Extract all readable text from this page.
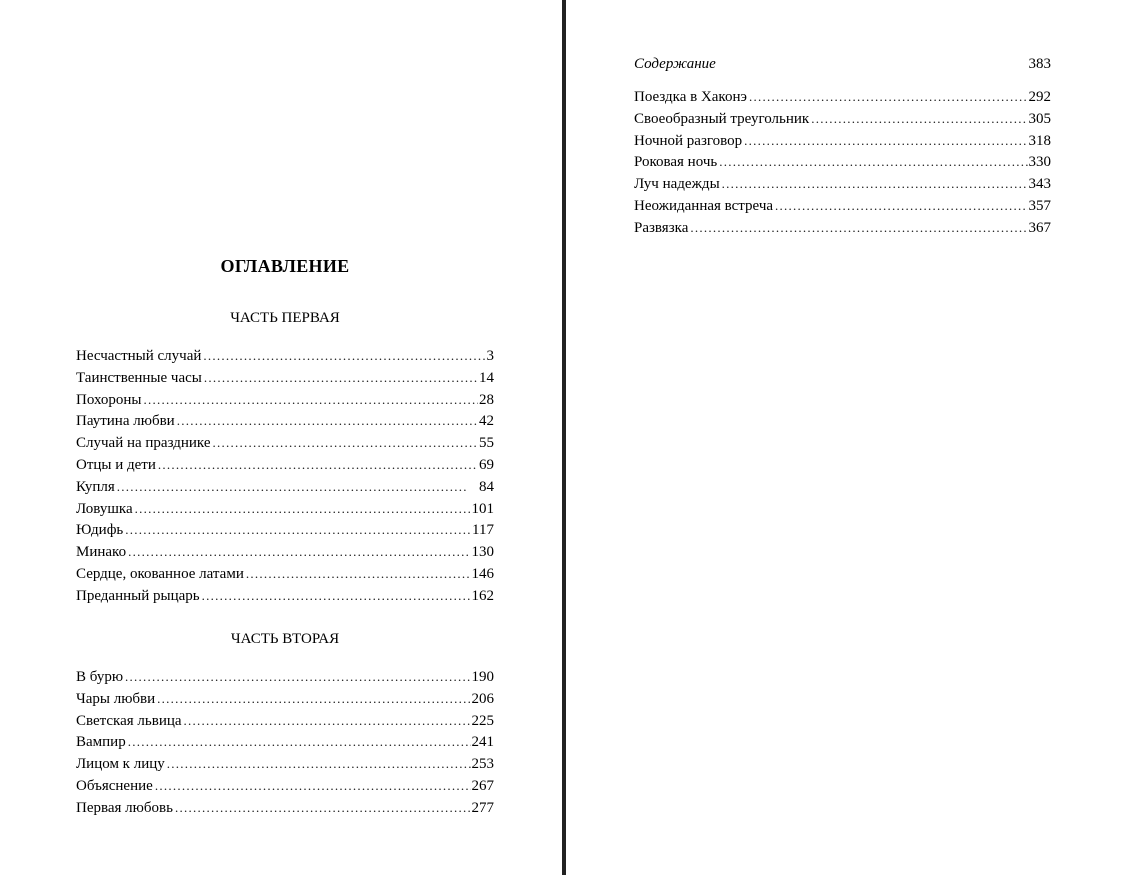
ОГЛАВЛЕНИЕ
ЧАСТЬ ПЕРВАЯ
Несчастный случай . . .	3
Таинственные часы . . .	14
Похороны . . .	28
Паутина любви . . .	42
Случай на празднике . . .	55
Отцы и дети . . .	69
Купля . . .	84
Ловушка . . .	101
Юдифь . . .	117
Минако . . .	130
Сердце, окованное латами . . .	146
Преданный рыцарь . . .	162
ЧАСТЬ ВТОРАЯ
В бурю . . .	190
Чары любви . . .	206
Светская львица . . .	225
Вампир . . .	241
Лицом к лицу . . .	253
Объяснение . . .	267
Первая любовь . . .	277
Содержание	383
Поездка в Хаконэ . . .	292
Своеобразный треугольник . . .	305
Ночной разговор . . .	318
Роковая ночь . . .	330
Луч надежды . . .	343
Неожиданная встреча . . .	357
Развязка . . .	367
